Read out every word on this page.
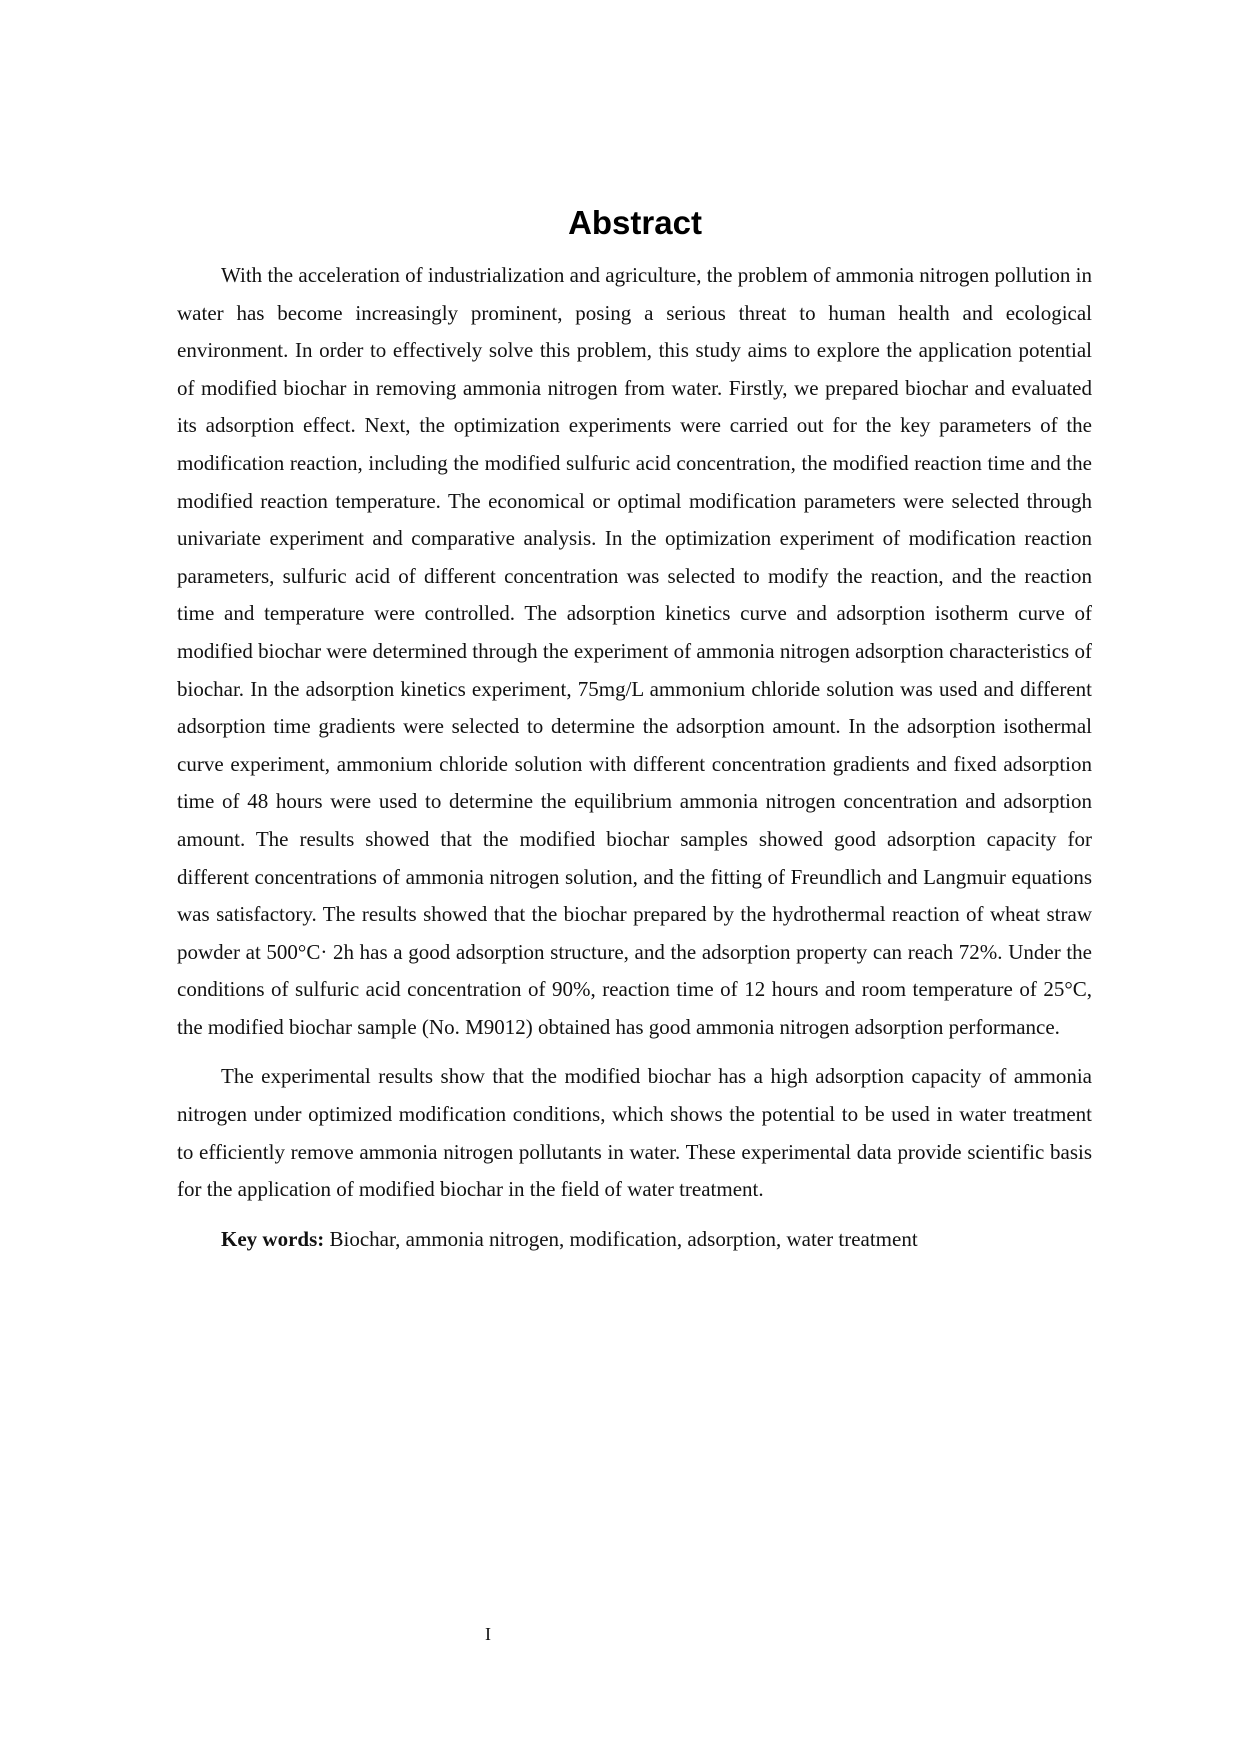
Abstract

With the acceleration of industrialization and agriculture, the problem of ammonia nitrogen pollution in water has become increasingly prominent, posing a serious threat to human health and ecological environment. In order to effectively solve this problem, this study aims to explore the application potential of modified biochar in removing ammonia nitrogen from water. Firstly, we prepared biochar and evaluated its adsorption effect. Next, the optimization experiments were carried out for the key parameters of the modification reaction, including the modified sulfuric acid concentration, the modified reaction time and the modified reaction temperature. The economical or optimal modification parameters were selected through univariate experiment and comparative analysis. In the optimization experiment of modification reaction parameters, sulfuric acid of different concentration was selected to modify the reaction, and the reaction time and temperature were controlled. The adsorption kinetics curve and adsorption isotherm curve of modified biochar were determined through the experiment of ammonia nitrogen adsorption characteristics of biochar. In the adsorption kinetics experiment, 75mg/L ammonium chloride solution was used and different adsorption time gradients were selected to determine the adsorption amount. In the adsorption isothermal curve experiment, ammonium chloride solution with different concentration gradients and fixed adsorption time of 48 hours were used to determine the equilibrium ammonia nitrogen concentration and adsorption amount. The results showed that the modified biochar samples showed good adsorption capacity for different concentrations of ammonia nitrogen solution, and the fitting of Freundlich and Langmuir equations was satisfactory. The results showed that the biochar prepared by the hydrothermal reaction of wheat straw powder at 500°C· 2h has a good adsorption structure, and the adsorption property can reach 72%. Under the conditions of sulfuric acid concentration of 90%, reaction time of 12 hours and room temperature of 25°C, the modified biochar sample (No. M9012) obtained has good ammonia nitrogen adsorption performance.

The experimental results show that the modified biochar has a high adsorption capacity of ammonia nitrogen under optimized modification conditions, which shows the potential to be used in water treatment to efficiently remove ammonia nitrogen pollutants in water. These experimental data provide scientific basis for the application of modified biochar in the field of water treatment.

Key words: Biochar, ammonia nitrogen, modification, adsorption, water treatment
I
